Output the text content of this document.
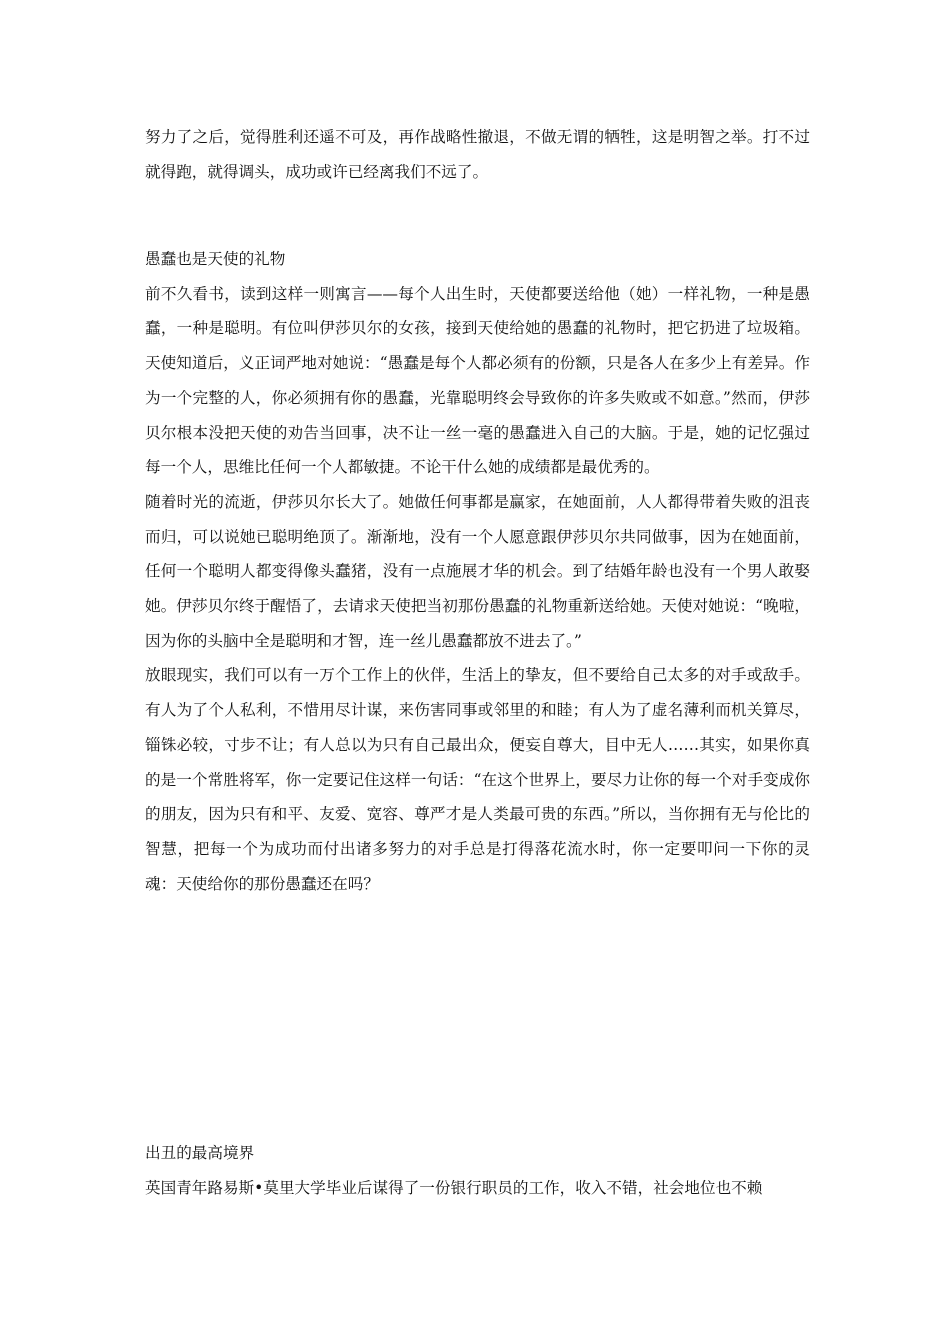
努力了之后，觉得胜利还遥不可及，再作战略性撤退，不做无谓的牺牲，这是明智之举。打不过就得跑，就得调头，成功或许已经离我们不远了。

愚蠢也是天使的礼物

前不久看书，读到这样一则寓言——每个人出生时，天使都要送给他（她）一样礼物，一种是愚蠢，一种是聪明。有位叫伊莎贝尔的女孩，接到天使给她的愚蠢的礼物时，把它扔进了垃圾箱。天使知道后，义正词严地对她说：“愚蠢是每个人都必须有的份额，只是各人在多少上有差异。作为一个完整的人，你必须拥有你的愚蠢，光靠聪明终会导致你的许多失败或不如意。”然而，伊莎贝尔根本没把天使的劝告当回事，决不让一丝一毫的愚蠢进入自己的大脑。于是，她的记忆强过每一个人，思维比任何一个人都敏捷。不论干什么她的成绩都是最优秀的。

随着时光的流逝，伊莎贝尔长大了。她做任何事都是赢家，在她面前，人人都得带着失败的沮丧而归，可以说她已聪明绝顶了。渐渐地，没有一个人愿意跟伊莎贝尔共同做事，因为在她面前，任何一个聪明人都变得像头蠢猪，没有一点施展才华的机会。到了结婚年龄也没有一个男人敢娶她。伊莎贝尔终于醒悟了，去请求天使把当初那份愚蠢的礼物重新送给她。天使对她说：“晚啦，因为你的头脑中全是聪明和才智，连一丝儿愚蠢都放不进去了。”

放眼现实，我们可以有一万个工作上的伙伴，生活上的挚友，但不要给自己太多的对手或敌手。有人为了个人私利，不惜用尽计谋，来伤害同事或邻里的和睦；有人为了虚名薄利而机关算尽，锱铢必较，寸步不让；有人总以为只有自己最出众，便妄自尊大，目中无人……其实，如果你真的是一个常胜将军，你一定要记住这样一句话：“在这个世界上，要尽力让你的每一个对手变成你的朋友，因为只有和平、友爱、宽容、尊严才是人类最可贵的东西。”所以，当你拥有无与伦比的智慧，把每一个为成功而付出诸多努力的对手总是打得落花流水时，你一定要叩问一下你的灵魂：天使给你的那份愚蠢还在吗？

出丑的最高境界

英国青年路易斯•莫里大学毕业后谋得了一份银行职员的工作，收入不错，社会地位也不赖
